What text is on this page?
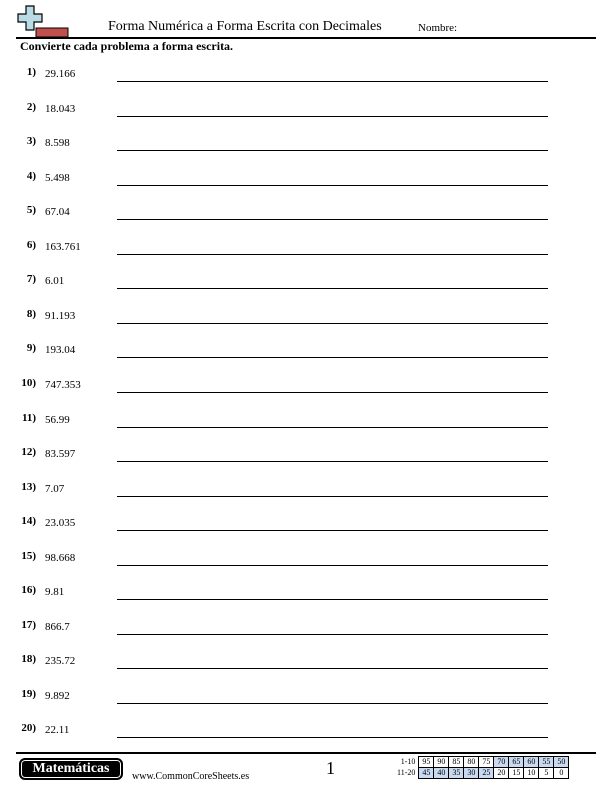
Forma Numérica a Forma Escrita con Decimales	Nombre:
Convierte cada problema a forma escrita.
1) 29.166
2) 18.043
3) 8.598
4) 5.498
5) 67.04
6) 163.761
7) 6.01
8) 91.193
9) 193.04
10) 747.353
11) 56.99
12) 83.597
13) 7.07
14) 23.035
15) 98.668
16) 9.81
17) 866.7
18) 235.72
19) 9.892
20) 22.11
Matemáticas
www.CommonCoreSheets.es	1	1-10	95	90	85	80	75	70	65	60	55	50
11-20	45	40	35	30	25	20	15	10	5	0
